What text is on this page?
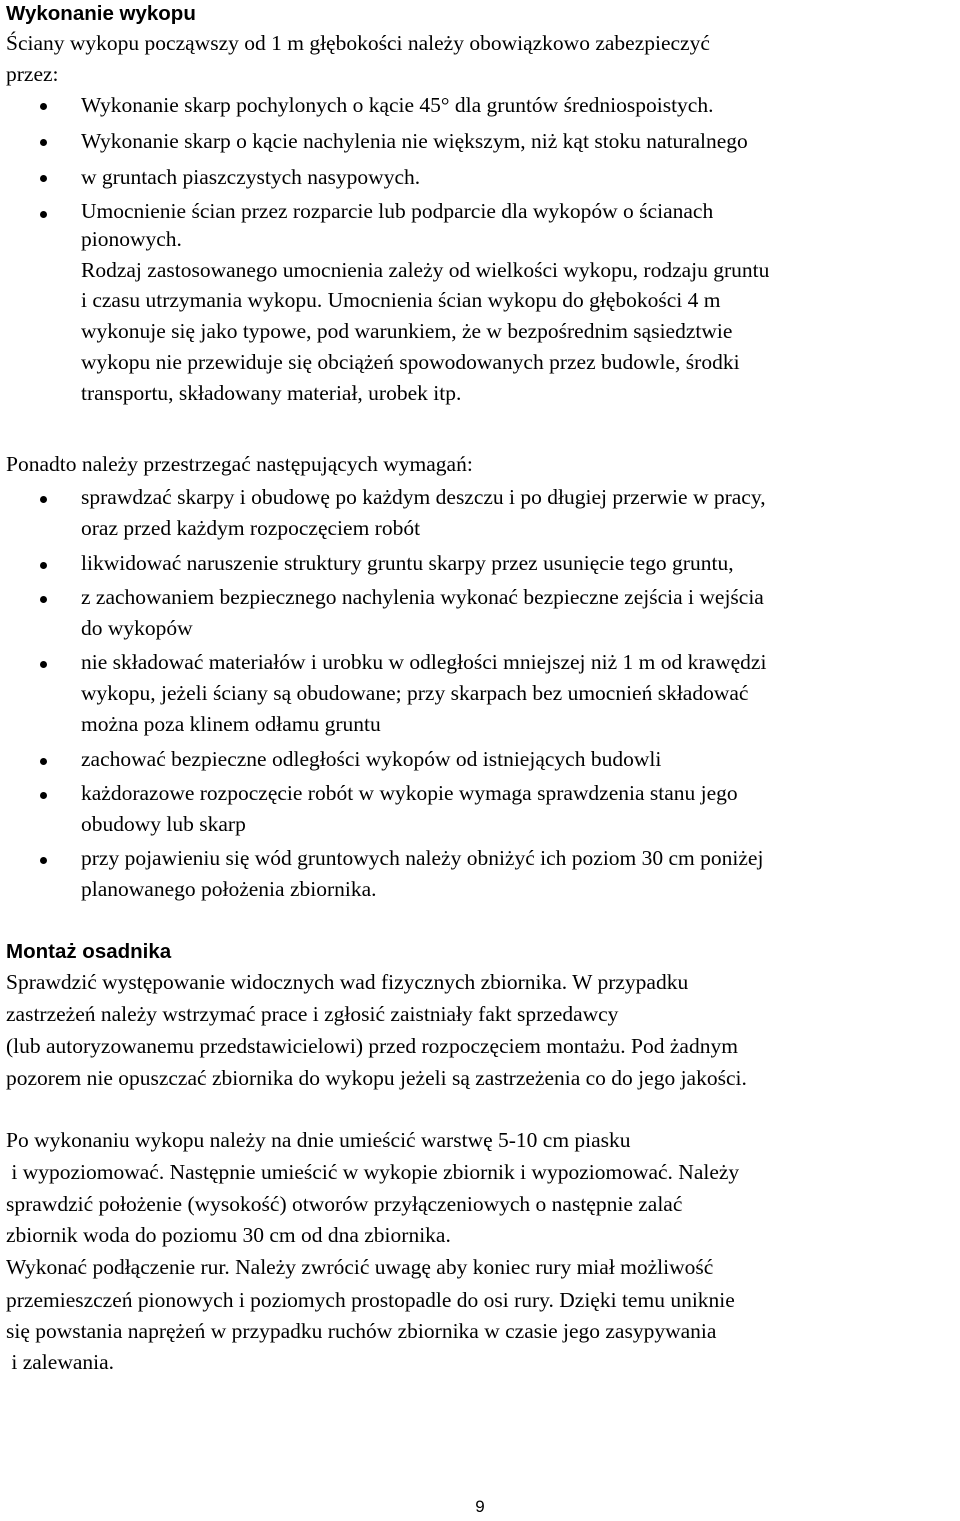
Wykonanie wykopu
Ściany wykopu począwszy od 1 m głębokości należy obowiązkowo zabezpieczyć
przez:
Wykonanie skarp pochylonych o kącie 45° dla gruntów średniospoistych.
Wykonanie skarp o kącie nachylenia nie większym, niż kąt stoku naturalnego
w gruntach piaszczystych nasypowych.
Umocnienie ścian przez rozparcie lub podparcie dla wykopów o ścianach
pionowych.
Rodzaj zastosowanego umocnienia zależy od wielkości wykopu, rodzaju gruntu
i czasu utrzymania wykopu. Umocnienia ścian wykopu do głębokości 4 m
wykonuje się jako typowe, pod warunkiem, że w bezpośrednim sąsiedztwie
wykopu nie przewiduje się obciążeń spowodowanych przez budowle, środki
transportu, składowany materiał, urobek itp.
Ponadto należy przestrzegać następujących wymagań:
sprawdzać skarpy i obudowę po każdym deszczu i po długiej przerwie w pracy,
oraz przed każdym rozpoczęciem robót
likwidować naruszenie struktury gruntu skarpy przez usunięcie tego gruntu,
z zachowaniem bezpiecznego nachylenia wykonać bezpieczne zejścia i wejścia
do wykopów
nie składować materiałów i urobku w odległości mniejszej niż 1 m od krawędzi
wykopu, jeżeli ściany są obudowane; przy skarpach bez umocnień składować
można poza klinem odłamu gruntu
zachować bezpieczne odległości wykopów od istniejących budowli
każdorazowe rozpoczęcie robót w wykopie wymaga sprawdzenia stanu jego
obudowy lub skarp
przy pojawieniu się wód gruntowych należy obniżyć ich poziom 30 cm poniżej
planowanego położenia zbiornika.
Montaż osadnika
Sprawdzić występowanie widocznych wad fizycznych zbiornika. W przypadku
zastrzeżeń należy wstrzymać prace i zgłosić zaistniały fakt sprzedawcy
(lub autoryzowanemu przedstawicielowi) przed rozpoczęciem montażu. Pod żadnym
pozorem nie opuszczać zbiornika do wykopu jeżeli są zastrzeżenia co do jego jakości.
Po wykonaniu wykopu należy na dnie umieścić warstwę 5-10 cm piasku
i wypoziomować. Następnie umieścić w wykopie zbiornik i wypoziomować. Należy
sprawdzić położenie (wysokość) otworów przyłączeniowych o następnie zalać
zbiornik woda do poziomu 30 cm od dna zbiornika.
Wykonać podłączenie rur. Należy zwrócić uwagę aby koniec rury miał możliwość
przemieszczeń pionowych i poziomych prostopadle do osi rury. Dzięki temu uniknie
się powstania naprężeń w przypadku ruchów zbiornika w czasie jego zasypywania
i zalewania.
9
